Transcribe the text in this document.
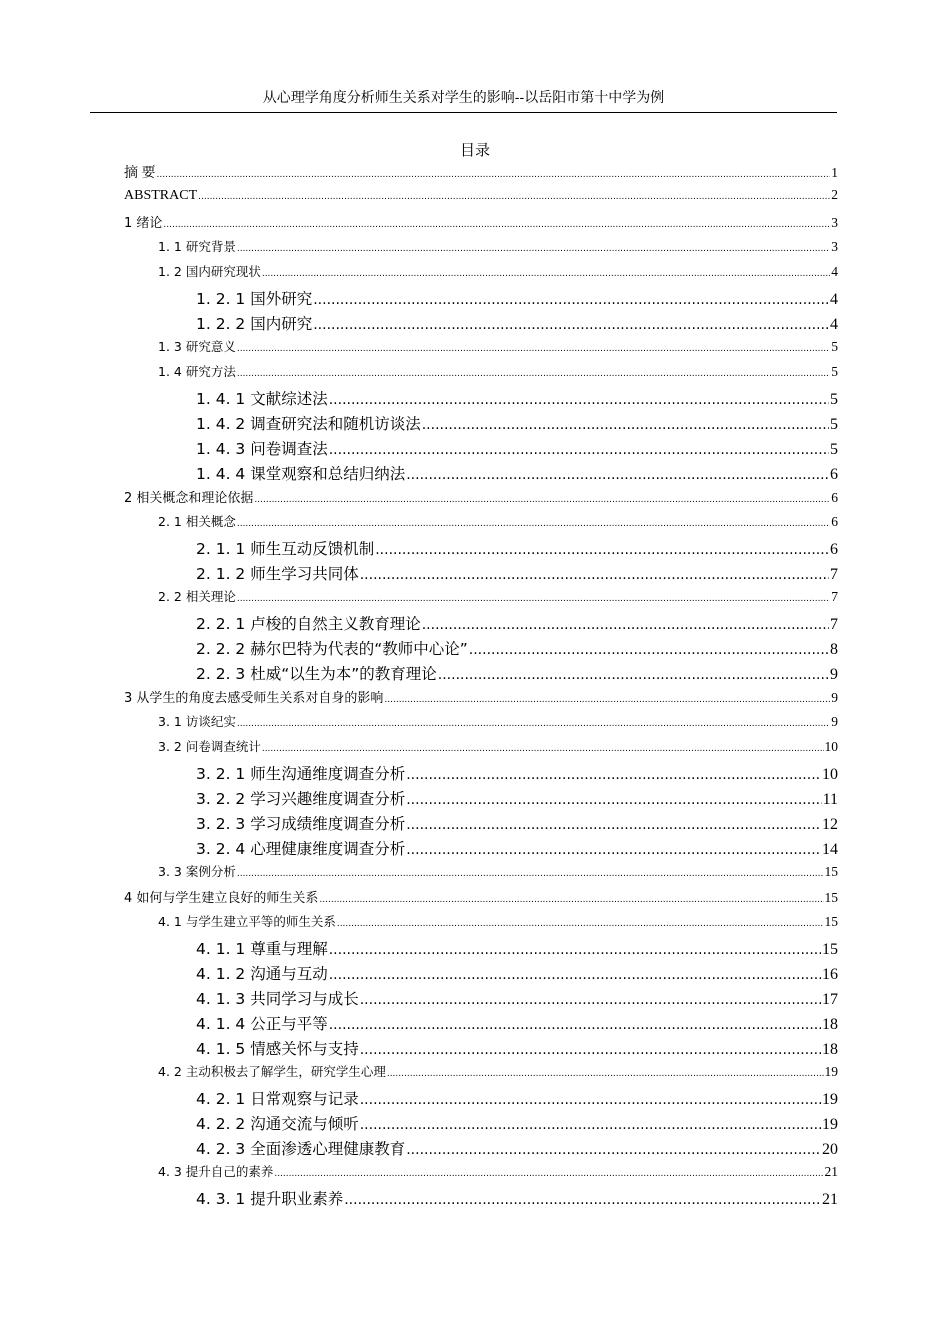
从心理学角度分析师生关系对学生的影响--以岳阳市第十中学为例
目录
摘 要 .....	1
ABSTRACT .....	2
1 绪论 .....	3
1. 1 研究背景 .....	3
1. 2 国内研究现状 .....	4
1. 2. 1 国外研究 .....	4
1. 2. 2 国内研究 .....	4
1. 3 研究意义 .....	5
1. 4 研究方法 .....	5
1. 4. 1 文献综述法 .....	5
1. 4. 2 调查研究法和随机访谈法 .....	5
1. 4. 3 问卷调查法 .....	5
1. 4. 4 课堂观察和总结归纳法 .....	6
2 相关概念和理论依据 .....	6
2. 1 相关概念 .....	6
2. 1. 1 师生互动反馈机制 .....	6
2. 1. 2 师生学习共同体 .....	7
2. 2 相关理论 .....	7
2. 2. 1 卢梭的自然主义教育理论 .....	7
2. 2. 2 赫尔巴特为代表的“教师中心论” .....	8
2. 2. 3 杜威“以生为本”的教育理论 .....	9
3 从学生的角度去感受师生关系对自身的影响 .....	9
3. 1 访谈纪实 .....	9
3. 2 问卷调查统计 .....	10
3. 2. 1 师生沟通维度调查分析 .....	10
3. 2. 2 学习兴趣维度调查分析 .....	11
3. 2. 3 学习成绩维度调查分析 .....	12
3. 2. 4 心理健康维度调查分析 .....	14
3. 3 案例分析 .....	15
4 如何与学生建立良好的师生关系 .....	15
4. 1 与学生建立平等的师生关系 .....	15
4. 1. 1 尊重与理解 .....	15
4. 1. 2 沟通与互动 .....	16
4. 1. 3 共同学习与成长 .....	17
4. 1. 4 公正与平等 .....	18
4. 1. 5 情感关怀与支持 .....	18
4. 2 主动积极去了解学生，研究学生心理 .....	19
4. 2. 1 日常观察与记录 .....	19
4. 2. 2 沟通交流与倾听 .....	19
4. 2. 3 全面渗透心理健康教育 .....	20
4. 3 提升自己的素养 .....	21
4. 3. 1 提升职业素养 .....	21
